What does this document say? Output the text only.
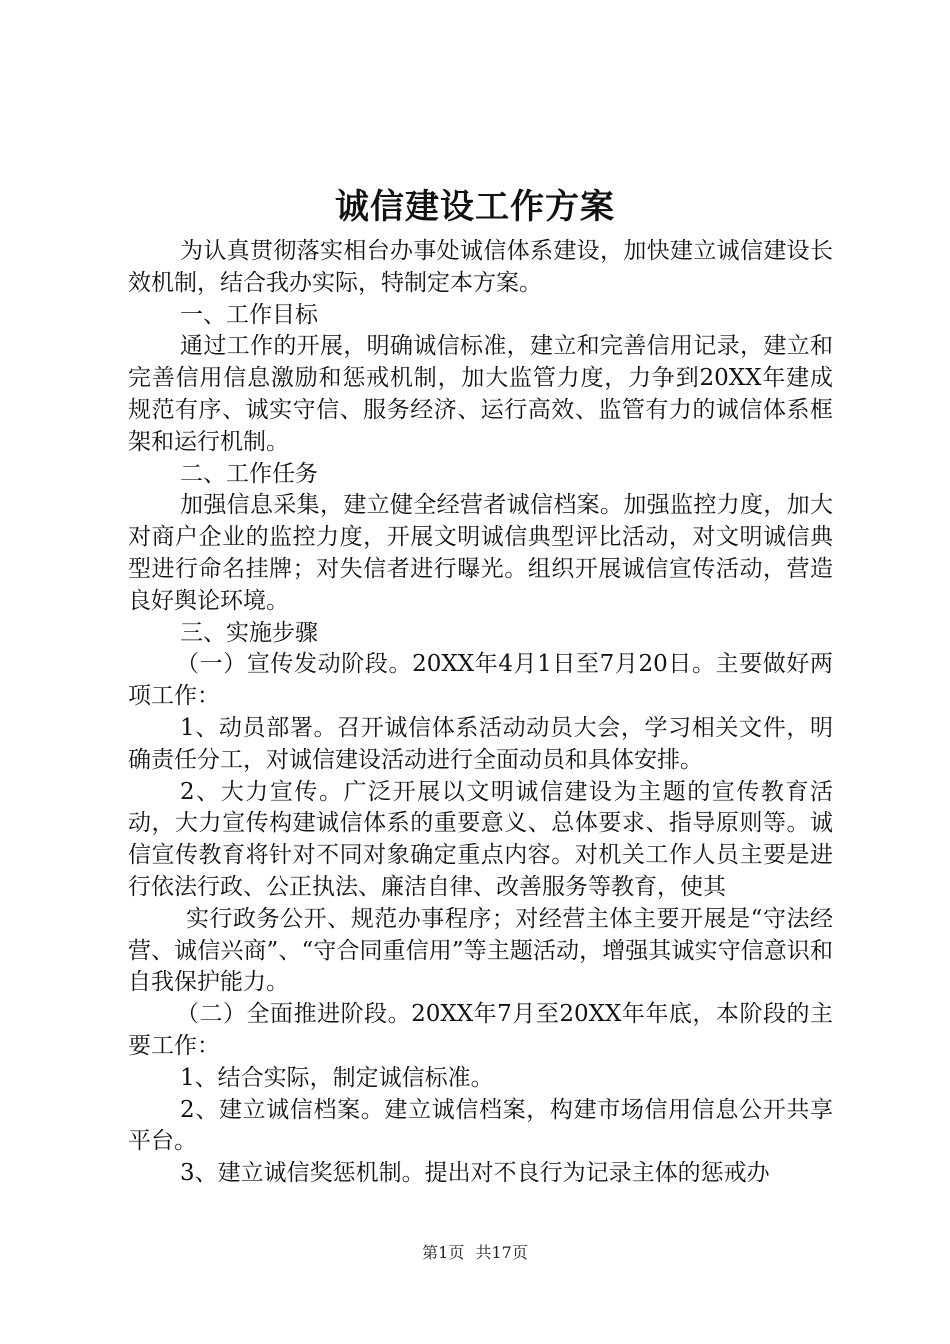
诚信建设工作方案

为认真贯彻落实相台办事处诚信体系建设，加快建立诚信建设长效机制，结合我办实际，特制定本方案。

一、工作目标

通过工作的开展，明确诚信标准，建立和完善信用记录，建立和完善信用信息激励和惩戒机制，加大监管力度，力争到20XX年建成规范有序、诚实守信、服务经济、运行高效、监管有力的诚信体系框架和运行机制。

二、工作任务

加强信息采集，建立健全经营者诚信档案。加强监控力度，加大对商户企业的监控力度，开展文明诚信典型评比活动，对文明诚信典型进行命名挂牌；对失信者进行曝光。组织开展诚信宣传活动，营造良好舆论环境。

三、实施步骤

（一）宣传发动阶段。20XX年4月1日至7月20日。主要做好两项工作：

1、动员部署。召开诚信体系活动动员大会，学习相关文件，明确责任分工，对诚信建设活动进行全面动员和具体安排。

2、大力宣传。广泛开展以文明诚信建设为主题的宣传教育活动，大力宣传构建诚信体系的重要意义、总体要求、指导原则等。诚信宣传教育将针对不同对象确定重点内容。对机关工作人员主要是进行依法行政、公正执法、廉洁自律、改善服务等教育，使其

实行政务公开、规范办事程序；对经营主体主要开展是“守法经营、诚信兴商”、“守合同重信用”等主题活动，增强其诚实守信意识和自我保护能力。

（二）全面推进阶段。20XX年7月至20XX年年底，本阶段的主要工作：

1、结合实际，制定诚信标准。

2、建立诚信档案。建立诚信档案，构建市场信用信息公开共享平台。

3、建立诚信奖惩机制。提出对不良行为记录主体的惩戒办

第1页 共17页
